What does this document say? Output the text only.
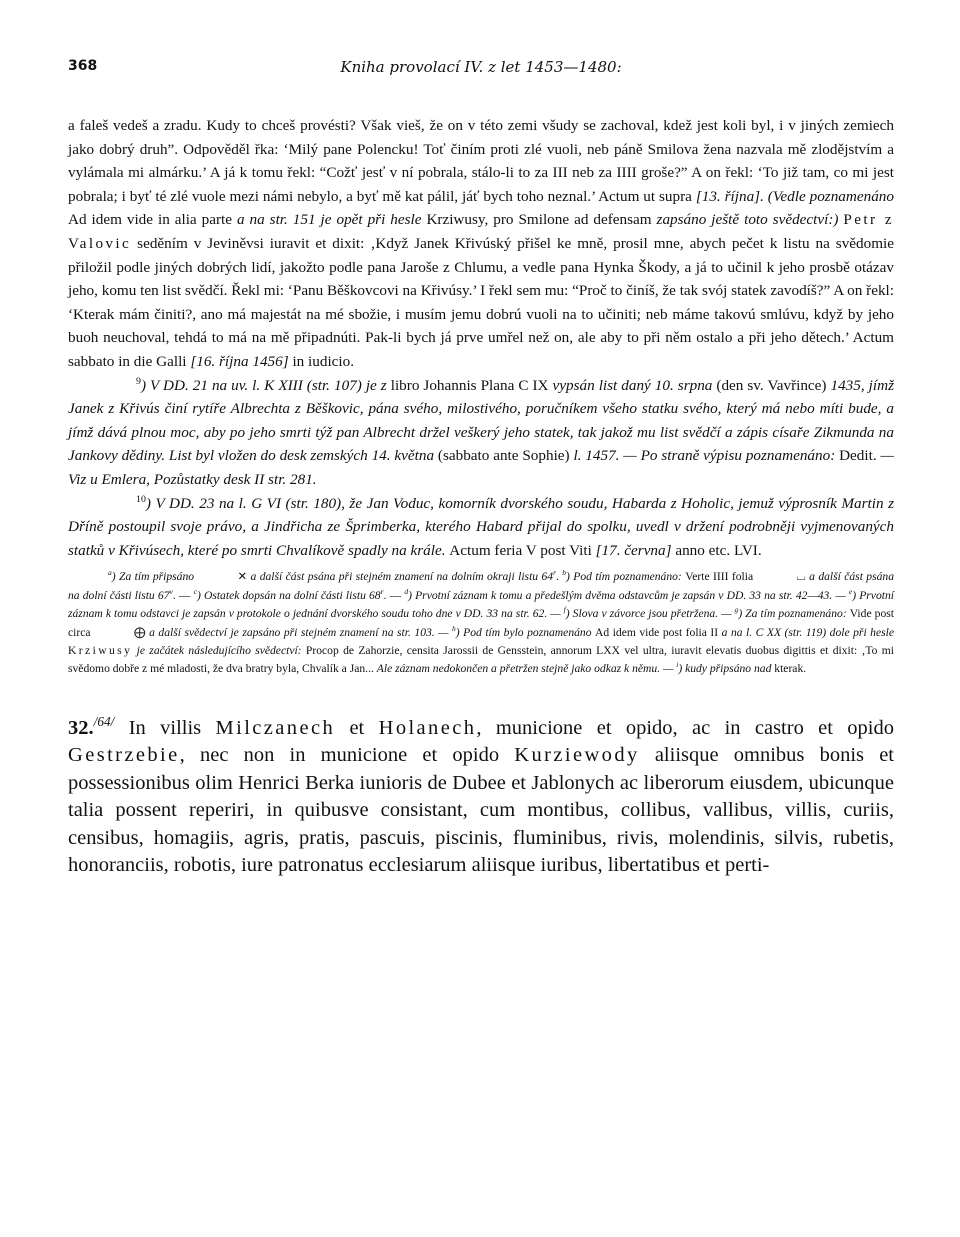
368	Kniha provolací IV. z let 1453—1480:

a faleš vedeš a zradu. Kudy to chceš provésti? Však vieš, že on v této zemi všudy se zachoval, kdež jest koli byl, i v jiných zemiech jako dobrý druh”. Odpověděl řka: ‘Milý pane Polencku! Toť činím proti zlé vuoli, neb páně Smilova žena nazvala mě zlodějstvím a vylámala mi almárku.’ A já k tomu řekl: “Cožť jesť v ní pobrala, stálo-li to za III neb za IIII groše?” A on řekl: ‘To již tam, co mi jest pobrala; i byť té zlé vuole mezi námi nebylo, a byť mě kat pálil, jáť bych toho neznal.’ Actum ut supra [13. října]. (Vedle poznamenáno Ad idem vide in alia parte a na str. 151 je opět při hesle Krziwusy, pro Smilone ad defensam zapsáno ještě toto svědectví:) Petr z Valovic seděním v Jeviněvsi iuravit et dixit: ‚Když Janek Křivúský přišel ke mně, prosil mne, abych pečet k listu na svědomie přiložil podle jiných dobrých lidí, jakožto podle pana Jaroše z Chlumu, a vedle pana Hynka Škody, a já to učinil k jeho prosbě otázav jeho, komu ten list svědčí. Řekl mi: ‘Panu Běškovcovi na Křivúsy.’ I řekl sem mu: “Proč to činíš, že tak svój statek zavodíš?” A on řekl: ‘Kterak mám činiti?, ano má majestát na mé sbožie, i musím jemu dobrú vuoli na to učiniti; neb máme takovú smlúvu, když by jeho buoh neuchoval, tehdá to má na mě připadnúti. Pak-li bych já prve umřel než on, ale aby to při něm ostalo a při jeho dětech.’ Actum sabbato in die Galli [16. října 1456] in iudicio.

$^9$) V DD. 21 na uv. l. K XIII (str. 107) je z libro Johannis Plana C IX vypsán list daný 10. srpna (den sv. Vavřince) 1435, jímž Janek z Křivús činí rytíře Albrechta z Běškovic, pána svého, milostivého, poručníkem všeho statku svého, který má nebo míti bude, a jímž dává plnou moc, aby po jeho smrti týž pan Albrecht držel veškerý jeho statek, tak jakož mu list svědčí a zápis císaře Zikmunda na Jankovy dědiny. List byl vložen do desk zemských 14. května (sabbato ante Sophie) l. 1457. — Po straně výpisu poznamenáno: Dedit. — Viz u Emlera, Pozůstatky desk II str. 281.

$^{10}$) V DD. 23 na l. G VI (str. 180), že Jan Voduc, komorník dvorského soudu, Habarda z Hoholic, jemuž výprosník Martin z Dříně postoupil svoje právo, a Jindřicha ze Šprimberka, kterého Habard přijal do spolku, uvedl v držení podrobněji vyjmenovaných statků v Křivúsech, které po smrti Chvalíkově spadly na krále. Actum feria V post Viti [17. června] anno etc. LVI.

$^a$) Za tím připsáno	✕ a další část psána při stejném znamení na dolním okraji listu 64$^r$. $^b$) Pod tím poznamenáno: Verte IIII folia	⌴ a další část psána na dolní části listu 67$^v$. — $^c$) Ostatek dopsán na dolní části listu 68$^r$. — $^d$) Prvotní záznam k tomu a předešlým dvěma odstavcům je zapsán v DD. 33 na str. 42—43. — $^e$) Prvotní záznam k tomu odstavci je zapsán v protokole o jednání dvorského soudu toho dne v DD. 33 na str. 62. — $^f$) Slova v závorce jsou přetržena. — $^g$) Za tím poznamenáno: Vide post circa	⨁ a další svědectví je zapsáno při stejném znamení na str. 103. — $^h$) Pod tím bylo poznamenáno Ad idem vide post folia II a na l. C XX (str. 119) dole při hesle Krziwusy je začátek následujícího svědectví: Procop de Zahorzie, censita Jarossii de Gensstein, annorum LXX vel ultra, iuravit elevatis duobus digittis et dixit: ‚To mi svědomo dobře z mé mladosti, že dva bratry byla, Chvalík a Jan... Ale záznam nedokončen a přetržen stejně jako odkaz k němu. — $^i$) kudy připsáno nad kterak.

32.$^{/64/}$ In villis Milczanech et Holanech, municione et opido, ac in castro et opido Gestrzebie, nec non in municione et opido Kurziewody aliisque omnibus bonis et possessionibus olim Henrici Berka iunioris de Dubee et Jablonych ac liberorum eiusdem, ubicunque talia possent reperiri, in quibusve consistant, cum montibus, collibus, vallibus, villis, curiis, censibus, homagiis, agris, pratis, pascuis, piscinis, fluminibus, rivis, molendinis, silvis, rubetis, honoranciis, robotis, iure patronatus ecclesiarum aliisque iuribus, libertatibus et perti-
